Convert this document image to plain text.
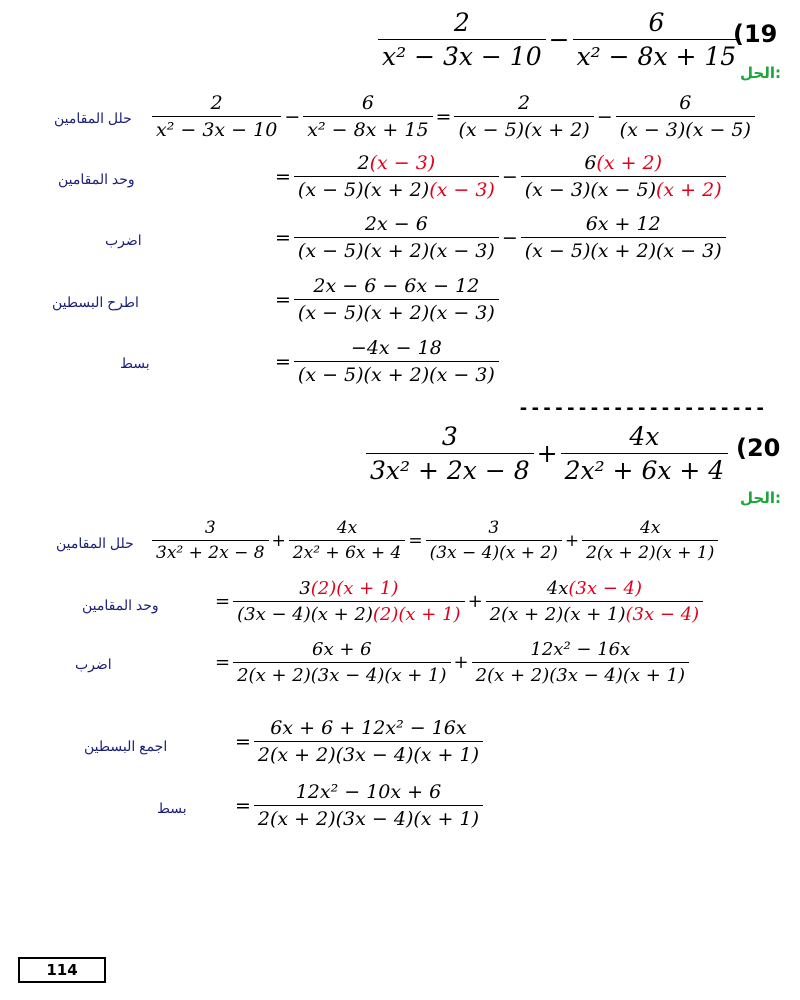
$\frac{2}{\text{x² − 3x − 10}} - \frac{6}{\text{x² − 8x + 15}}$
(19
الحل:
حلل المقامين $\frac{2}{\text{x² − 3x − 10}} - \frac{6}{\text{x² − 8x + 15}} = \frac{2}{(x - 5)(x + 2)} - \frac{6}{(x - 3)(x - 5)}$
وحد المقامين	= $\frac{2(x - 3)}{(x - 5)(x + 2)(x - 3)} - \frac{6(x + 2)}{(x - 3)(x - 5)(x + 2)}$
اضرب	= $\frac{2x - 6}{(x - 5)(x + 2)(x - 3)} - \frac{6x + 12}{(x - 5)(x + 2)(x - 3)}$
اطرح البسطين	= $\frac{2x - 6 - 6x - 12}{(x - 5)(x + 2)(x - 3)}$
بسط	= $\frac{-4x - 18}{(x - 5)(x + 2)(x - 3)}$
---------------------
$\frac{3}{\text{3x² + 2x − 8}} + \frac{4x}{\text{2x² + 6x + 4}} (20$
الحل:
حلل المقامين $\frac{3}{\text{3x² + 2x − 8}} + \frac{4x}{\text{2x² + 6x + 4}} = \frac{3}{(3x - 4)(x + 2)} + \frac{4x}{2(x + 2)(x + 1)}$
وحد المقامين	= $\frac{3(2)(x + 1)}{(3x - 4)(x + 2)(2)(x + 1)} + \frac{4x(3x - 4)}{2(x + 2)(x + 1)(3x - 4)}$
اضرب	= $\frac{6x + 6}{2(x + 2)(3x - 4)(x + 1)} + \frac{\text{12x² − 16x}}{2(x + 2)(3x - 4)(x + 1)}$
اجمع البسطين	= $\frac{\text{6x + 6 + 12x² − 16x}}{2(x + 2)(3x - 4)(x + 1)}$
بسط	= $\frac{\text{12x² − 10x + 6}}{2(x + 2)(3x - 4)(x + 1)}$
114
